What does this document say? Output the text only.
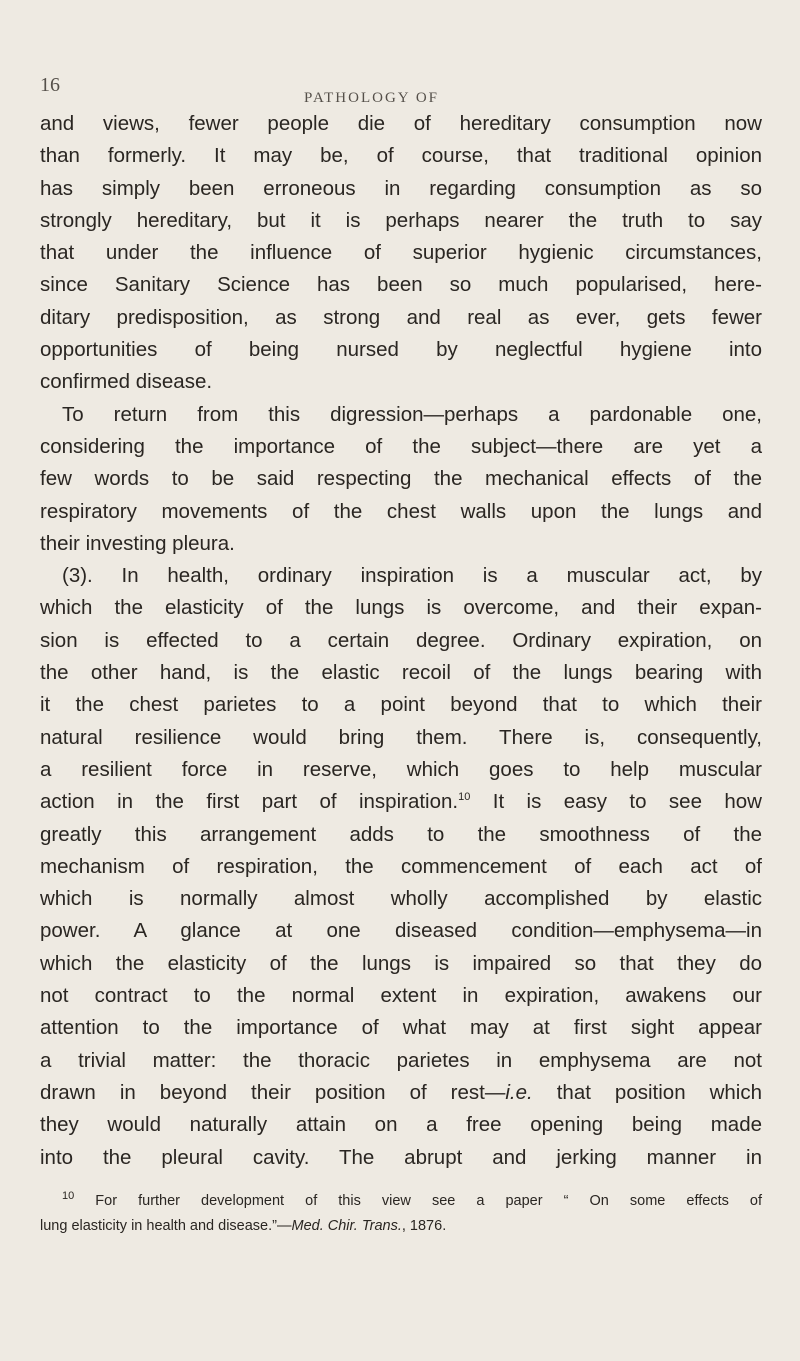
16
PATHOLOGY OF
and views, fewer people die of hereditary consumption now
than formerly. It may be, of course, that traditional opinion
has simply been erroneous in regarding consumption as so
strongly hereditary, but it is perhaps nearer the truth to say
that under the influence of superior hygienic circumstances,
since Sanitary Science has been so much popularised, here-
ditary predisposition, as strong and real as ever, gets fewer
opportunities of being nursed by neglectful hygiene into
confirmed disease.
To return from this digression—perhaps a pardonable one,
considering the importance of the subject—there are yet a
few words to be said respecting the mechanical effects of the
respiratory movements of the chest walls upon the lungs and
their investing pleura.
(3). In health, ordinary inspiration is a muscular act, by
which the elasticity of the lungs is overcome, and their expan-
sion is effected to a certain degree. Ordinary expiration, on
the other hand, is the elastic recoil of the lungs bearing with
it the chest parietes to a point beyond that to which their
natural resilience would bring them. There is, consequently,
a resilient force in reserve, which goes to help muscular
action in the first part of inspiration.$^{10}$ It is easy to see how
greatly this arrangement adds to the smoothness of the
mechanism of respiration, the commencement of each act of
which is normally almost wholly accomplished by elastic
power. A glance at one diseased condition—emphysema—in
which the elasticity of the lungs is impaired so that they do
not contract to the normal extent in expiration, awakens our
attention to the importance of what may at first sight appear
a trivial matter: the thoracic parietes in emphysema are not
drawn in beyond their position of rest—i.e. that position which
they would naturally attain on a free opening being made
into the pleural cavity. The abrupt and jerking manner in
$^{10}$ For further development of this view see a paper “ On some effects of
lung elasticity in health and disease.”—Med. Chir. Trans., 1876.
